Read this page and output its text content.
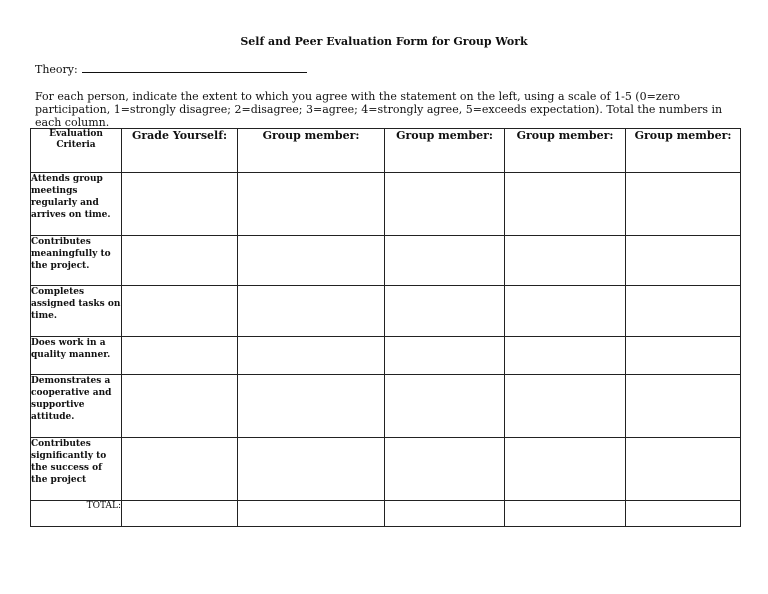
Self and Peer Evaluation Form for Group Work
Theory:
For each person, indicate the extent to which you agree with the statement on the left, using a scale of 1-5 (0=zero participation, 1=strongly disagree; 2=disagree; 3=agree; 4=strongly agree, 5=exceeds expectation). Total the numbers in each column.
Evaluation Criteria	Grade Yourself:	Group member:	Group member:	Group member:	Group member:
Attends group meetings regularly and arrives on time.					
Contributes meaningfully to the project.					
Completes assigned tasks on time.					
Does work in a quality manner.					
Demonstrates a cooperative and supportive attitude.					
Contributes significantly to the success of the project					
TOTAL:					
